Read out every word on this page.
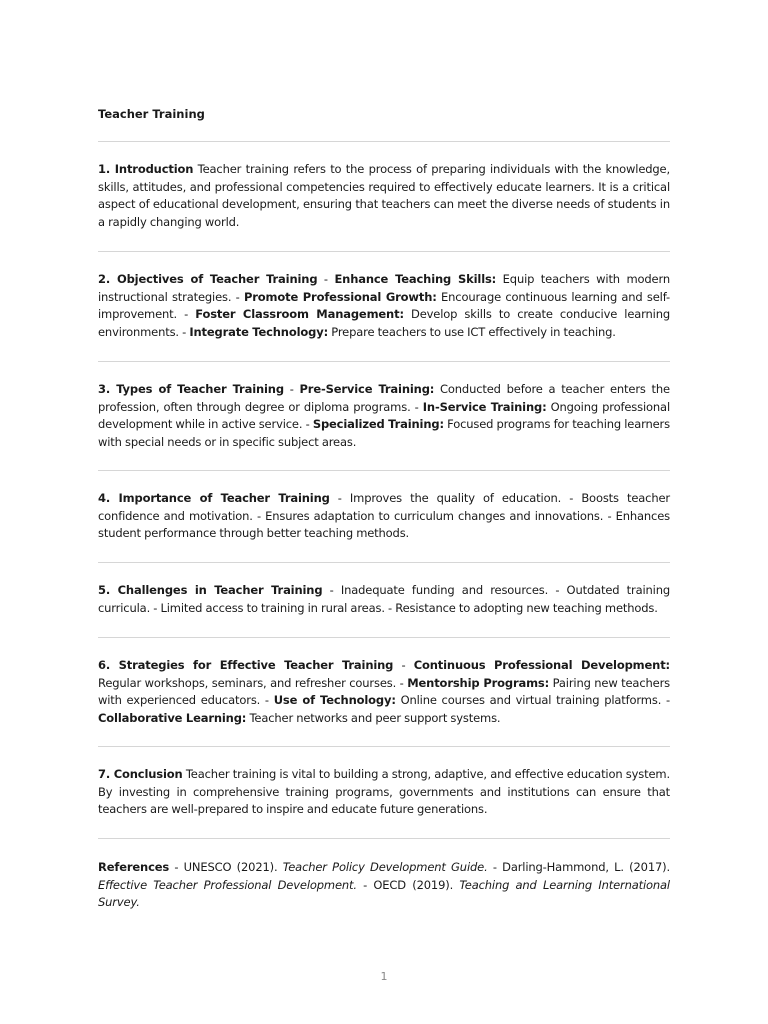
Teacher Training
1. Introduction Teacher training refers to the process of preparing individuals with the knowledge, skills, attitudes, and professional competencies required to effectively educate learners. It is a critical aspect of educational development, ensuring that teachers can meet the diverse needs of students in a rapidly changing world.
2. Objectives of Teacher Training - Enhance Teaching Skills: Equip teachers with modern instructional strategies. - Promote Professional Growth: Encourage continuous learning and self-improvement. - Foster Classroom Management: Develop skills to create conducive learning environments. - Integrate Technology: Prepare teachers to use ICT effectively in teaching.
3. Types of Teacher Training - Pre-Service Training: Conducted before a teacher enters the profession, often through degree or diploma programs. - In-Service Training: Ongoing professional development while in active service. - Specialized Training: Focused programs for teaching learners with special needs or in specific subject areas.
4. Importance of Teacher Training - Improves the quality of education. - Boosts teacher confidence and motivation. - Ensures adaptation to curriculum changes and innovations. - Enhances student performance through better teaching methods.
5. Challenges in Teacher Training - Inadequate funding and resources. - Outdated training curricula. - Limited access to training in rural areas. - Resistance to adopting new teaching methods.
6. Strategies for Effective Teacher Training - Continuous Professional Development: Regular workshops, seminars, and refresher courses. - Mentorship Programs: Pairing new teachers with experienced educators. - Use of Technology: Online courses and virtual training platforms. - Collaborative Learning: Teacher networks and peer support systems.
7. Conclusion Teacher training is vital to building a strong, adaptive, and effective education system. By investing in comprehensive training programs, governments and institutions can ensure that teachers are well-prepared to inspire and educate future generations.
References - UNESCO (2021). Teacher Policy Development Guide. - Darling-Hammond, L. (2017). Effective Teacher Professional Development. - OECD (2019). Teaching and Learning International Survey.
1
